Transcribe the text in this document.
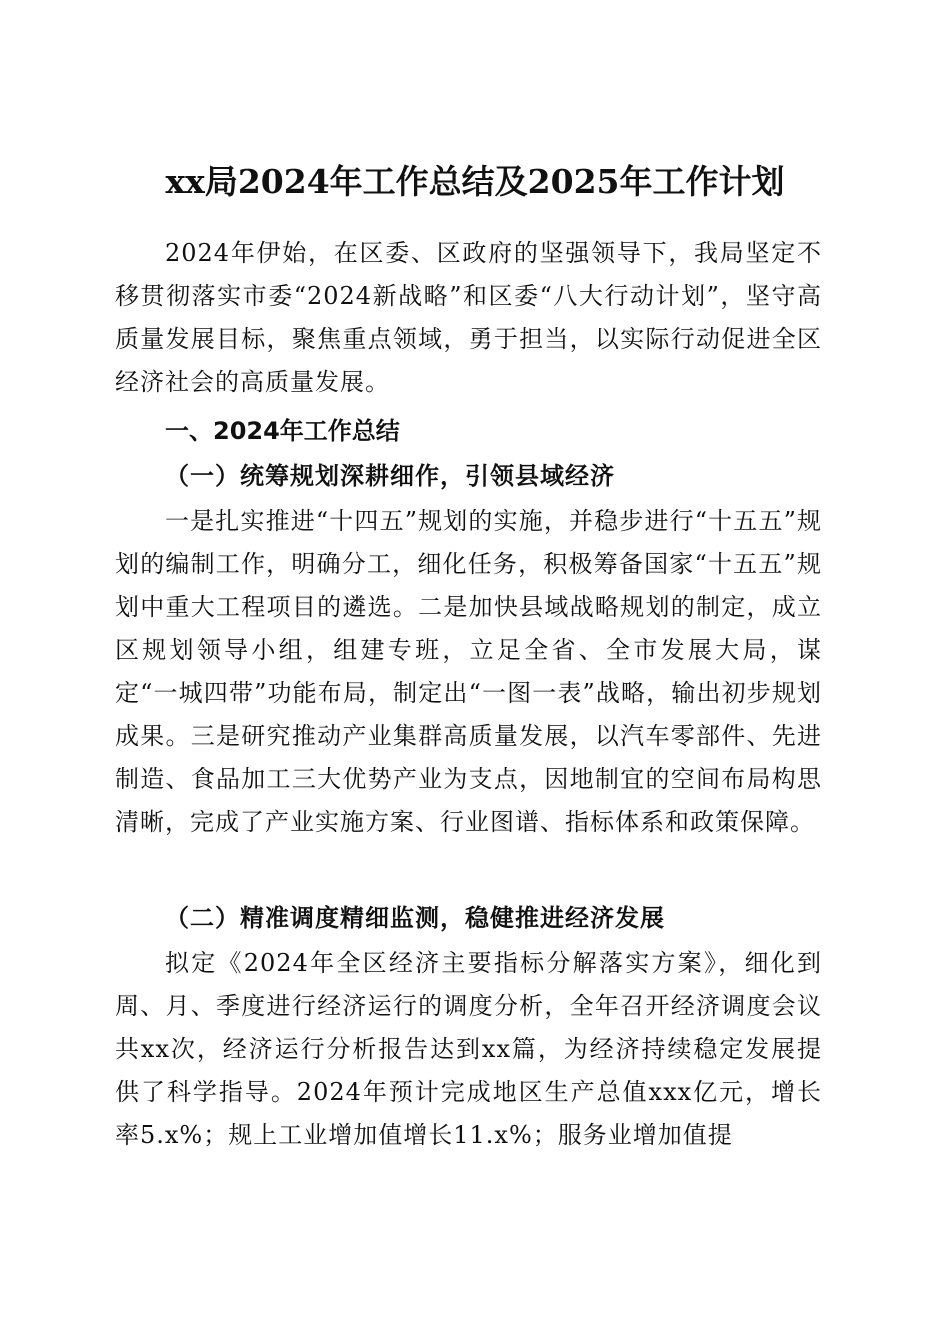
xx局2024年工作总结及2025年工作计划

2024年伊始，在区委、区政府的坚强领导下，我局坚定不移贯彻落实市委“2024新战略”和区委“八大行动计划”，坚守高质量发展目标，聚焦重点领域，勇于担当，以实际行动促进全区经济社会的高质量发展。

一、2024年工作总结
（一）统筹规划深耕细作，引领县域经济

一是扎实推进“十四五”规划的实施，并稳步进行“十五五”规划的编制工作，明确分工，细化任务，积极筹备国家“十五五”规划中重大工程项目的遴选。二是加快县域战略规划的制定，成立区规划领导小组，组建专班，立足全省、全市发展大局，谋定“一城四带”功能布局，制定出“一图一表”战略，输出初步规划成果。三是研究推动产业集群高质量发展，以汽车零部件、先进制造、食品加工三大优势产业为支点，因地制宜的空间布局构思清晰，完成了产业实施方案、行业图谱、指标体系和政策保障。

（二）精准调度精细监测，稳健推进经济发展

拟定《2024年全区经济主要指标分解落实方案》，细化到周、月、季度进行经济运行的调度分析，全年召开经济调度会议共xx次，经济运行分析报告达到xx篇，为经济持续稳定发展提供了科学指导。2024年预计完成地区生产总值xxx亿元，增长率5.x%；规上工业增加值增长11.x%；服务业增加值提
